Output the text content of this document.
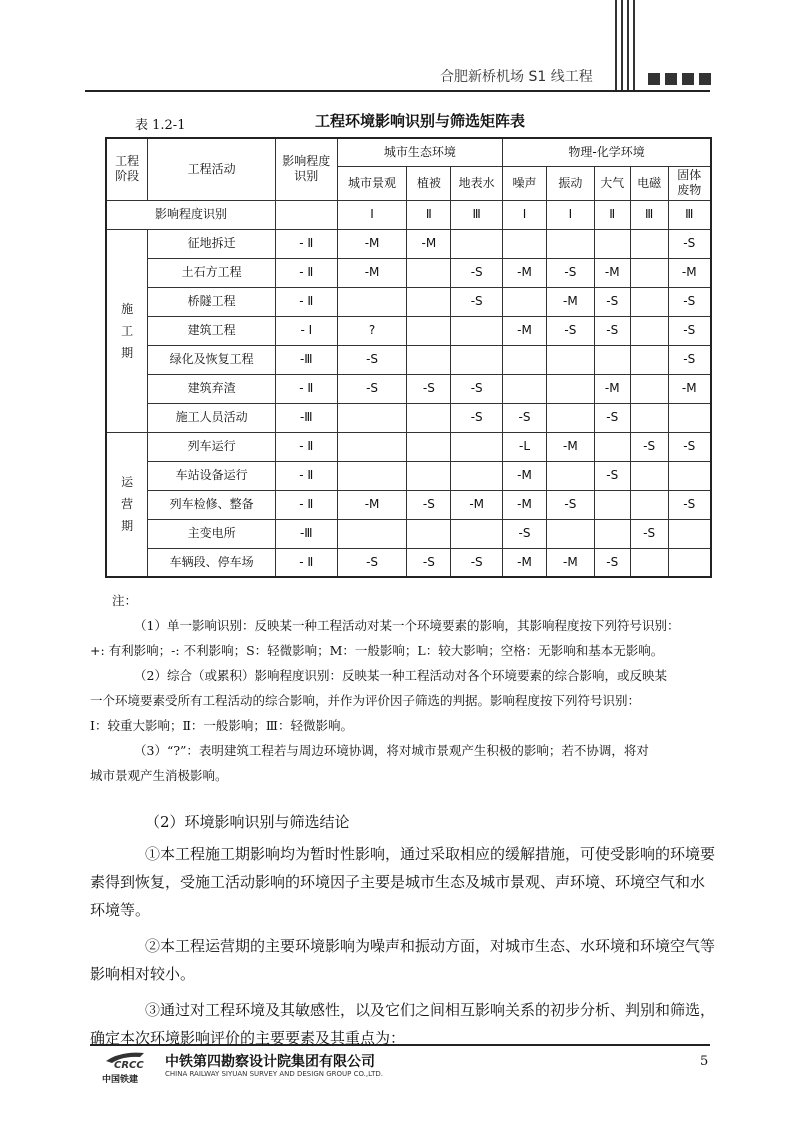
合肥新桥机场 S1 线工程
表 1.2-1	工程环境影响识别与筛选矩阵表
工程
阶段	工程活动	影响程度
识别	城市生态环境			物理-化学环境				
			城市景观	植被	地表水	噪声	振动	大气	电磁	固体
废物
影响程度识别			Ⅰ	Ⅱ	Ⅲ	Ⅰ	Ⅰ	Ⅱ	Ⅲ	Ⅲ
施
工
期	征地拆迁	- Ⅱ	-M	-M						-S
	土石方工程	- Ⅱ	-M		-S	-M	-S	-M		-M
	桥隧工程	- Ⅱ			-S		-M	-S		-S
	建筑工程	- Ⅰ	?			-M	-S	-S		-S
	绿化及恢复工程	-Ⅲ	-S							-S
	建筑弃渣	- Ⅱ	-S	-S	-S			-M		-M
	施工人员活动	-Ⅲ			-S	-S		-S		
运
营
期	列车运行	- Ⅱ				-L	-M		-S	-S
	车站设备运行	- Ⅱ				-M		-S		
	列车检修、整备	- Ⅱ	-M	-S	-M	-M	-S			-S
	主变电所	-Ⅲ				-S			-S	
	车辆段、停车场	- Ⅱ	-S	-S	-S	-M	-M	-S		

注：

（1）单一影响识别：反映某一种工程活动对某一个环境要素的影响，其影响程度按下列符号识别：

+: 有利影响；-: 不利影响；S：轻微影响；M：一般影响；L：较大影响；空格：无影响和基本无影响。

（2）综合（或累积）影响程度识别：反映某一种工程活动对各个环境要素的综合影响，或反映某

一个环境要素受所有工程活动的综合影响，并作为评价因子筛选的判据。影响程度按下列符号识别：

Ⅰ：较重大影响；Ⅱ：一般影响；Ⅲ：轻微影响。

（3）“?”：表明建筑工程若与周边环境协调，将对城市景观产生积极的影响；若不协调，将对

城市景观产生消极影响。

（2）环境影响识别与筛选结论

①本工程施工期影响均为暂时性影响，通过采取相应的缓解措施，可使受影响的环境要素得到恢复，受施工活动影响的环境因子主要是城市生态及城市景观、声环境、环境空气和水环境等。

②本工程运营期的主要环境影响为噪声和振动方面，对城市生态、水环境和环境空气等影响相对较小。

③通过对工程环境及其敏感性，以及它们之间相互影响关系的初步分析、判别和筛选，确定本次环境影响评价的主要要素及其重点为：

CRCC
中国铁建
中铁第四勘察设计院集团有限公司
CHINA RAILWAY SIYUAN SURVEY AND DESIGN GROUP CO.,LTD.
5
